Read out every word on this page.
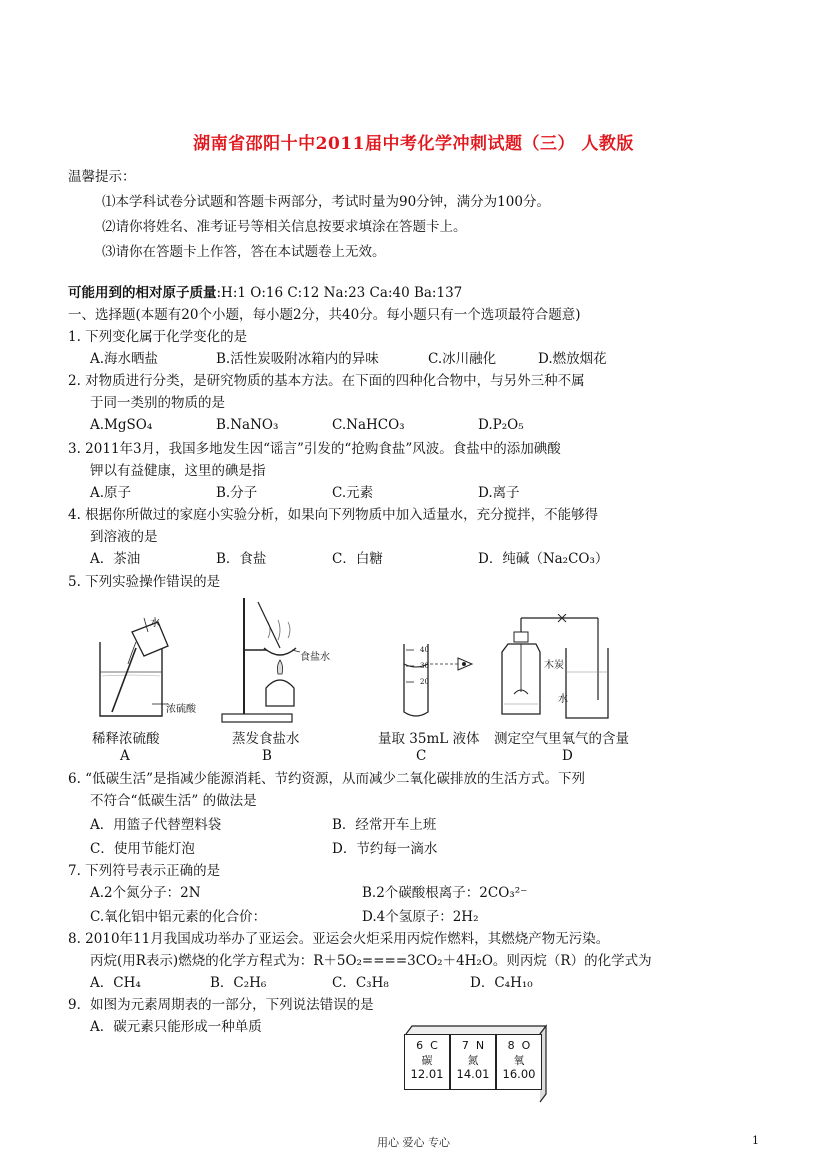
湖南省邵阳十中2011届中考化学冲刺试题（三） 人教版
温馨提示：
⑴本学科试卷分试题和答题卡两部分，考试时量为90分钟，满分为100分。
⑵请你将姓名、准考证号等相关信息按要求填涂在答题卡上。
⑶请你在答题卡上作答，答在本试题卷上无效。
可能用到的相对原子质量:H:1 O:16 C:12 Na:23 Ca:40 Ba:137
一、选择题(本题有20个小题，每小题2分，共40分。每小题只有一个选项最符合题意)
1. 下列变化属于化学变化的是
A.海水晒盐	B.活性炭吸附冰箱内的异味	C.冰川融化	D.燃放烟花
2. 对物质进行分类，是研究物质的基本方法。在下面的四种化合物中，与另外三种不属
于同一类别的物质的是
A.MgSO₄	B.NaNO₃	C.NaHCO₃	D.P₂O₅
3. 2011年3月，我国多地发生因“谣言”引发的“抢购食盐”风波。食盐中的添加碘酸
钾以有益健康，这里的碘是指
A.原子	B.分子	C.元素	D.离子
4. 根据你所做过的家庭小实验分析，如果向下列物质中加入适量水，充分搅拌，不能够得
到溶液的是
A．茶油	B．食盐	C．白糖	D．纯碱（Na₂CO₃）
5. 下列实验操作错误的是
水
浓硫酸
食盐水
40
30
20
木炭
水
稀释浓硫酸	蒸发食盐水	量取 35mL 液体 测定空气里氧气的含量
A	B	C	D
6. “低碳生活”是指减少能源消耗、节约资源，从而减少二氧化碳排放的生活方式。下列
不符合“低碳生活” 的做法是
A．用篮子代替塑料袋	B．经常开车上班
C．使用节能灯泡	D．节约每一滴水
7. 下列符号表示正确的是
A.2个氮分子：2N	B.2个碳酸根离子：2CO₃²⁻
C.氧化铝中铝元素的化合价：	D.4个氢原子：2H₂
8. 2010年11月我国成功举办了亚运会。亚运会火炬采用丙烷作燃料，其燃烧产物无污染。
丙烷(用R表示)燃烧的化学方程式为：R＋5O₂====3CO₂＋4H₂O。则丙烷（R）的化学式为
A．CH₄	B．C₂H₆	C．C₃H₈	D．C₄H₁₀
9．如图为元素周期表的一部分，下列说法错误的是
A．碳元素只能形成一种单质
6 C
碳
12.01
7 N
氮
14.01
8 O
氧
16.00
用心 爱心 专心	1
